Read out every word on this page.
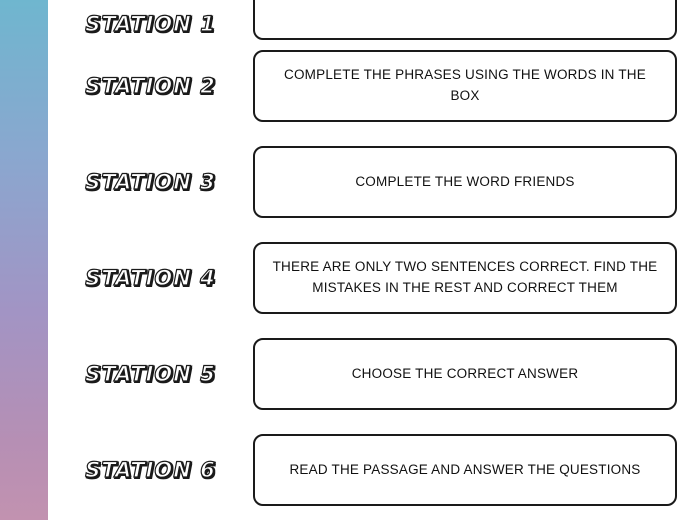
STATION 1
STATION 2	COMPLETE THE PHRASES USING THE WORDS IN THE BOX
STATION 3	COMPLETE THE WORD FRIENDS
STATION 4	THERE ARE ONLY TWO SENTENCES CORRECT. FIND THE MISTAKES IN THE REST AND CORRECT THEM
STATION 5	CHOOSE THE CORRECT ANSWER
STATION 6	READ THE PASSAGE AND ANSWER THE QUESTIONS
